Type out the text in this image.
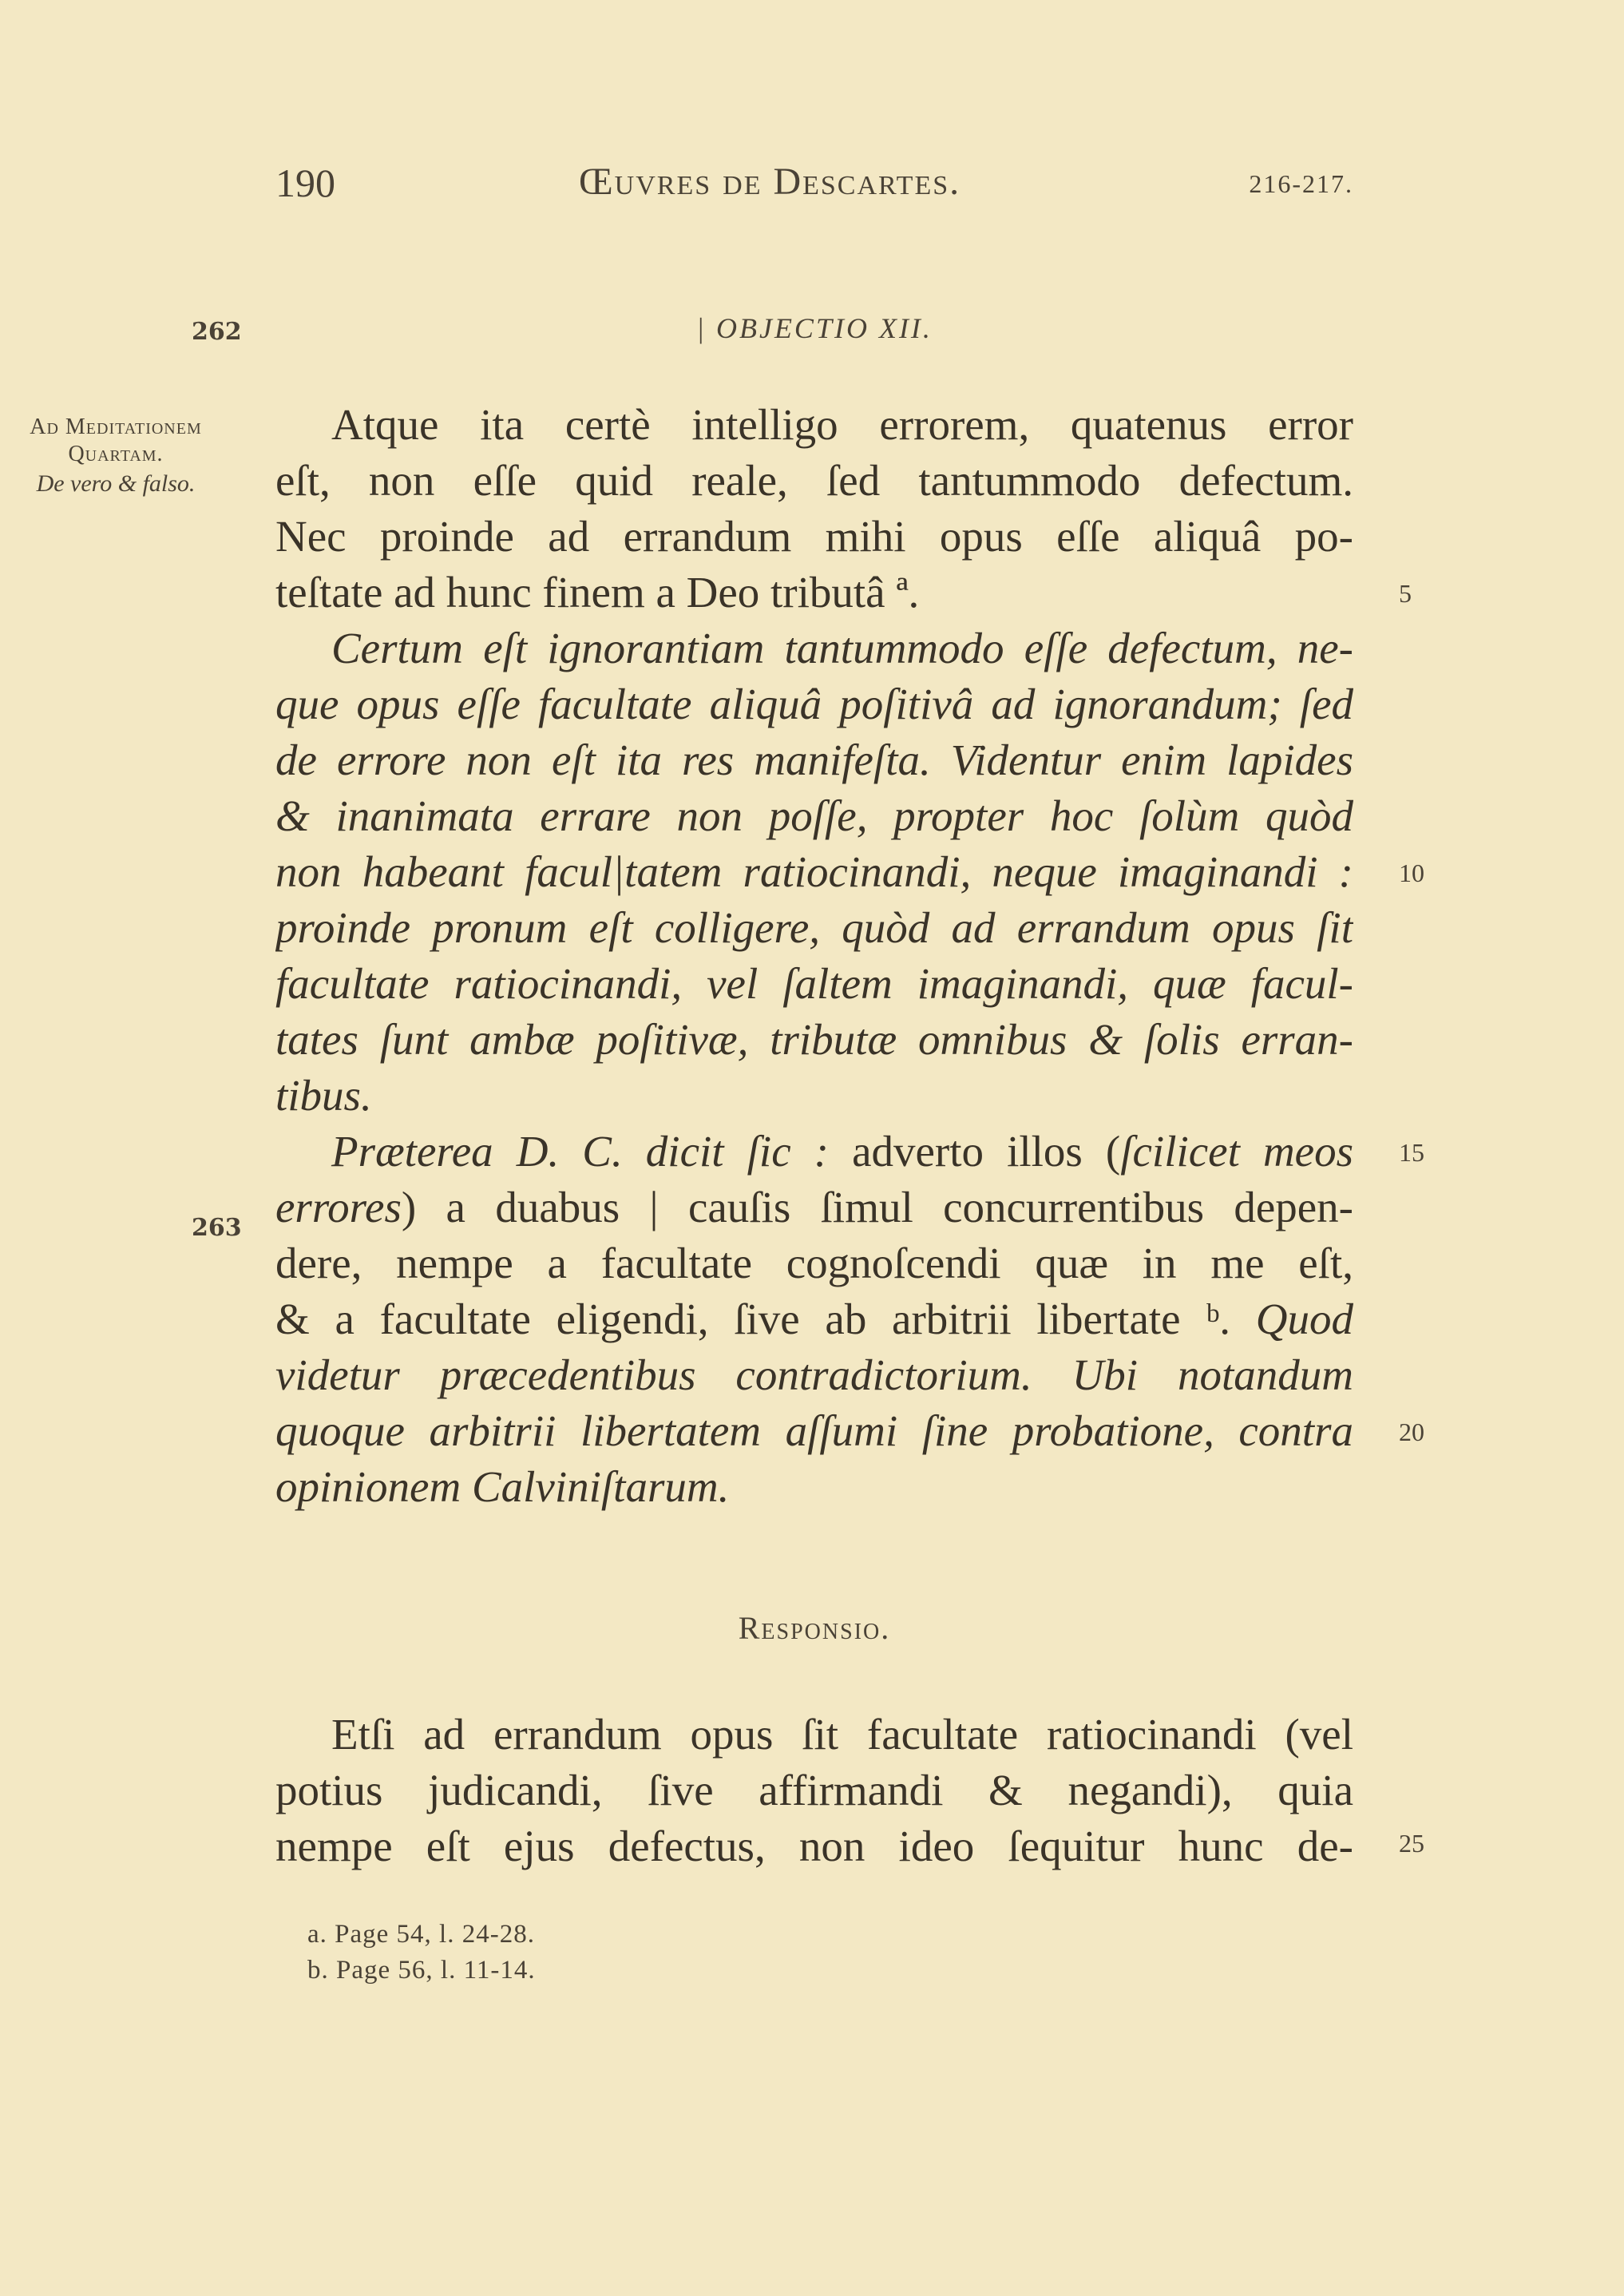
190	Œuvres de Descartes.	216-217.
262
263
Ad Meditationem
Quartam.
De vero & falso.
| OBJECTIO XII.
Atque ita certè intelligo errorem, quatenus error
eſt, non eſſe quid reale, ſed tantummodo defectum.
Nec proinde ad errandum mihi opus eſſe aliquâ po-
teſtate ad hunc finem a Deo tributâ ª.
Certum eſt ignorantiam tantummodo eſſe defectum, ne-
que opus eſſe facultate aliquâ poſitivâ ad ignorandum; ſed
de errore non eſt ita res manifeſta. Videntur enim lapides
& inanimata errare non poſſe, propter hoc ſolùm quòd
non habeant facul|tatem ratiocinandi, neque imaginandi :
proinde pronum eſt colligere, quòd ad errandum opus ſit
facultate ratiocinandi, vel ſaltem imaginandi, quæ facul-
tates ſunt ambæ poſitivæ, tributæ omnibus & ſolis erran-
tibus.
Præterea D. C. dicit ſic : adverto illos (ſcilicet meos
errores) a duabus | cauſis ſimul concurrentibus depen-
dere, nempe a facultate cognoſcendi quæ in me eſt,
& a facultate eligendi, ſive ab arbitrii libertate ᵇ. Quod
videtur præcedentibus contradictorium. Ubi notandum
quoque arbitrii libertatem aſſumi ſine probatione, contra
opinionem Calviniſtarum.
5
10
15
20
25
Responsio.
Etſi ad errandum opus ſit facultate ratiocinandi (vel
potius judicandi, ſive affirmandi & negandi), quia
nempe eſt ejus defectus, non ideo ſequitur hunc de-
a. Page 54, l. 24-28.
b. Page 56, l. 11-14.
